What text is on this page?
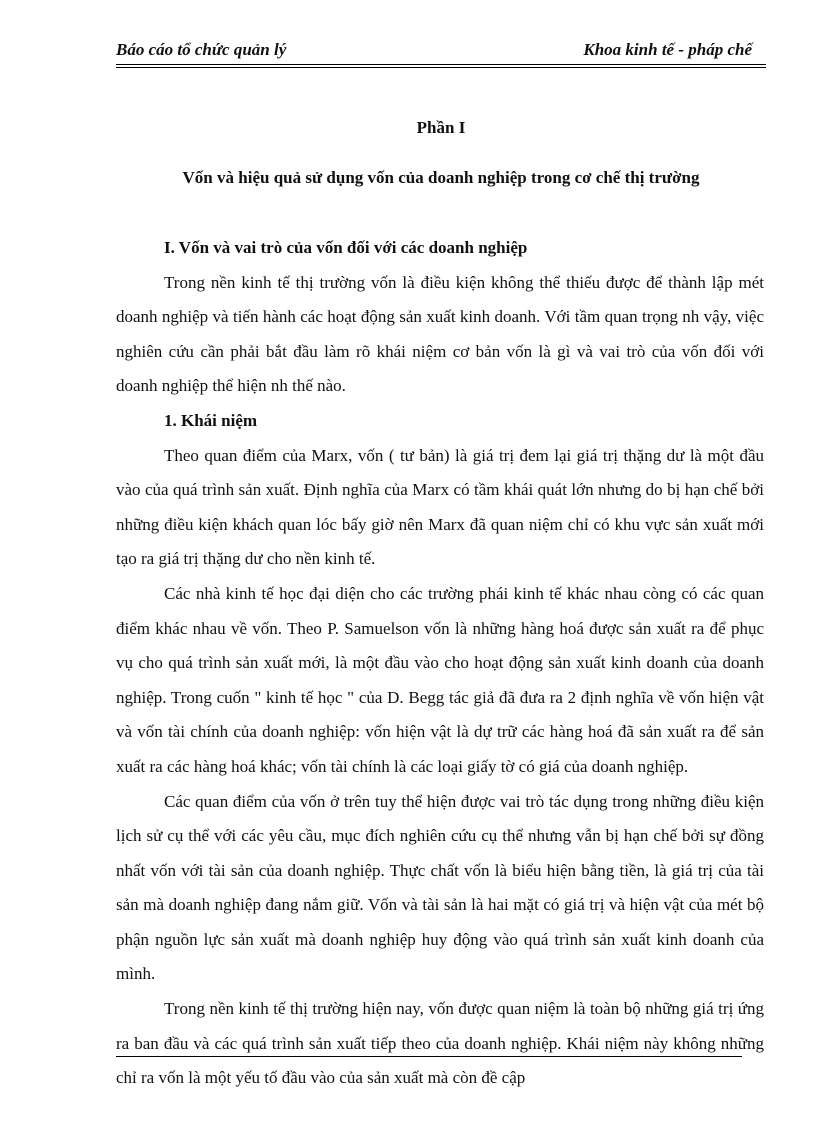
Báo cáo tổ chức quản lý	Khoa kinh tế - pháp chế
Phần I
Vốn và hiệu quả sử dụng vốn của doanh nghiệp trong cơ chế thị trường

I. Vốn và vai trò của vốn đối với các doanh nghiệp

Trong nền kinh tế thị trường vốn là điều kiện không thể thiếu được để thành lập mét doanh nghiệp và tiến hành các hoạt động sản xuất kinh doanh. Với tầm quan trọng nh vậy, việc nghiên cứu cần phải bắt đầu làm rõ khái niệm cơ bản vốn là gì và vai trò của vốn đối với doanh nghiệp thể hiện nh thế nào.

1. Khái niệm

Theo quan điểm của Marx, vốn ( tư bản) là giá trị đem lại giá trị thặng dư là một đầu vào của quá trình sản xuất. Định nghĩa của Marx có tầm khái quát lớn nhưng do bị hạn chế bởi những điều kiện khách quan lóc bấy giờ nên Marx đã quan niệm chỉ có khu vực sản xuất mới tạo ra giá trị thặng dư cho nền kinh tế.

Các nhà kinh tế học đại diện cho các trường phái kinh tế khác nhau còng có các quan điểm khác nhau về vốn. Theo P. Samuelson vốn là những hàng hoá được sản xuất ra để phục vụ cho quá trình sản xuất mới, là một đầu vào cho hoạt động sản xuất kinh doanh của doanh nghiệp. Trong cuốn " kinh tế học " của D. Begg tác giả đã đưa ra 2 định nghĩa về vốn hiện vật và vốn tài chính của doanh nghiệp: vốn hiện vật là dự trữ các hàng hoá đã sản xuất ra để sản xuất ra các hàng hoá khác; vốn tài chính là các loại giấy tờ có giá của doanh nghiệp.

Các quan điểm của vốn ở trên tuy thể hiện được vai trò tác dụng trong những điều kiện lịch sử cụ thể với các yêu cầu, mục đích nghiên cứu cụ thể nhưng vẫn bị hạn chế bởi sự đồng nhất vốn với tài sản của doanh nghiệp. Thực chất vốn là biểu hiện bằng tiền, là giá trị của tài sản mà doanh nghiệp đang nắm giữ. Vốn và tài sản là hai mặt có giá trị và hiện vật của mét bộ phận nguồn lực sản xuất mà doanh nghiệp huy động vào quá trình sản xuất kinh doanh của mình.

Trong nền kinh tế thị trường hiện nay, vốn được quan niệm là toàn bộ những giá trị ứng ra ban đầu và các quá trình sản xuất tiếp theo của doanh nghiệp. Khái niệm này không những chỉ ra vốn là một yếu tố đầu vào của sản xuất mà còn đề cập
